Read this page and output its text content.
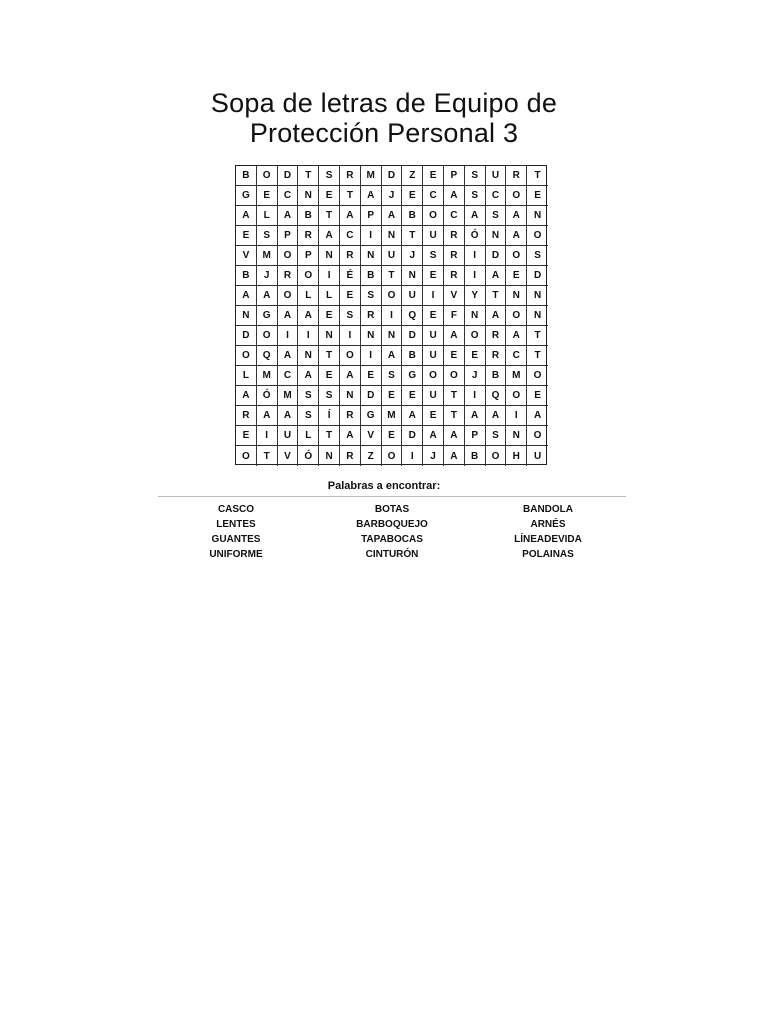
Sopa de letras de Equipo de
Protección Personal 3
B	O	D	T	S	R	M	D	Z	E	P	S	U	R	T
G	E	C	N	E	T	A	J	E	C	A	S	C	O	E
A	L	A	B	T	A	P	A	B	O	C	A	S	A	N
E	S	P	R	A	C	I	N	T	U	R	Ó	N	A	O
V	M	O	P	N	R	N	U	J	S	R	I	D	O	S
B	J	R	O	I	É	B	T	N	E	R	I	A	E	D
A	A	O	L	L	E	S	O	U	I	V	Y	T	N	N
N	G	A	A	E	S	R	I	Q	E	F	N	A	O	N
D	O	I	I	N	I	N	N	D	U	A	O	R	A	T
O	Q	A	N	T	O	I	A	B	U	E	E	R	C	T
L	M	C	A	E	A	E	S	G	O	O	J	B	M	O
A	Ó	M	S	S	N	D	E	E	U	T	I	Q	O	E
R	A	A	S	Í	R	G	M	A	E	T	A	A	I	A
E	I	U	L	T	A	V	E	D	A	A	P	S	N	O
O	T	V	Ó	N	R	Z	O	I	J	A	B	O	H	U
Palabras a encontrar:
CASCO	BOTAS	BANDOLA
LENTES	BARBOQUEJO	ARNÉS
GUANTES	TAPABOCAS	LÍNEADEVIDA
UNIFORME	CINTURÓN	POLAINAS
